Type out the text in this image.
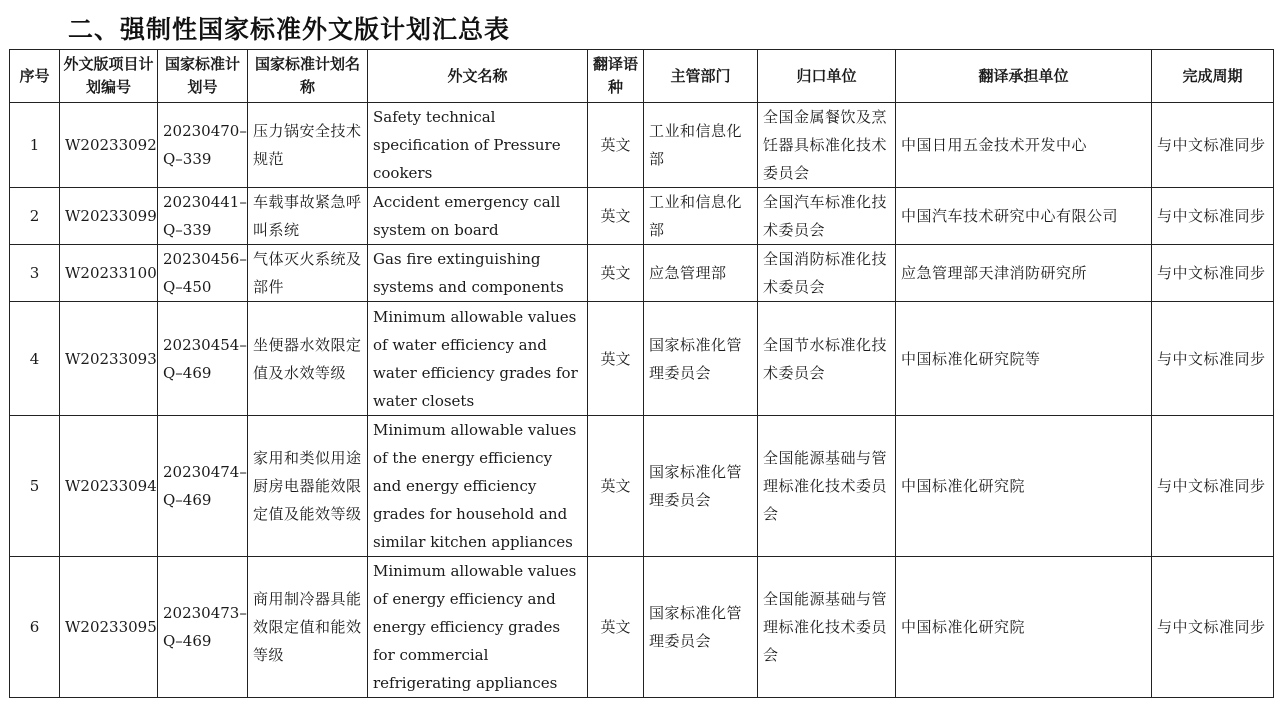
二、强制性国家标准外文版计划汇总表
序号	外文版项目计划编号	国家标准计划号	国家标准计划名称	外文名称	翻译语种	主管部门	归口单位	翻译承担单位	完成周期
1	W20233092	20230470–Q–339	压力锅安全技术规范	Safety technical specification of Pressure cookers	英文	工业和信息化部	全国金属餐饮及烹饪器具标准化技术委员会	中国日用五金技术开发中心	与中文标准同步
2	W20233099	20230441–Q–339	车载事故紧急呼叫系统	Accident emergency call system on board	英文	工业和信息化部	全国汽车标准化技术委员会	中国汽车技术研究中心有限公司	与中文标准同步
3	W20233100	20230456–Q–450	气体灭火系统及部件	Gas fire extinguishing systems and components	英文	应急管理部	全国消防标准化技术委员会	应急管理部天津消防研究所	与中文标准同步
4	W20233093	20230454–Q–469	坐便器水效限定值及水效等级	Minimum allowable values of water efficiency and water efficiency grades for water closets	英文	国家标准化管理委员会	全国节水标准化技术委员会	中国标准化研究院等	与中文标准同步
5	W20233094	20230474–Q–469	家用和类似用途厨房电器能效限定值及能效等级	Minimum allowable values of the energy efficiency and energy efficiency grades for household and similar kitchen appliances	英文	国家标准化管理委员会	全国能源基础与管理标准化技术委员会	中国标准化研究院	与中文标准同步
6	W20233095	20230473–Q–469	商用制冷器具能效限定值和能效等级	Minimum allowable values of energy efficiency and energy efficiency grades for commercial refrigerating appliances	英文	国家标准化管理委员会	全国能源基础与管理标准化技术委员会	中国标准化研究院	与中文标准同步
